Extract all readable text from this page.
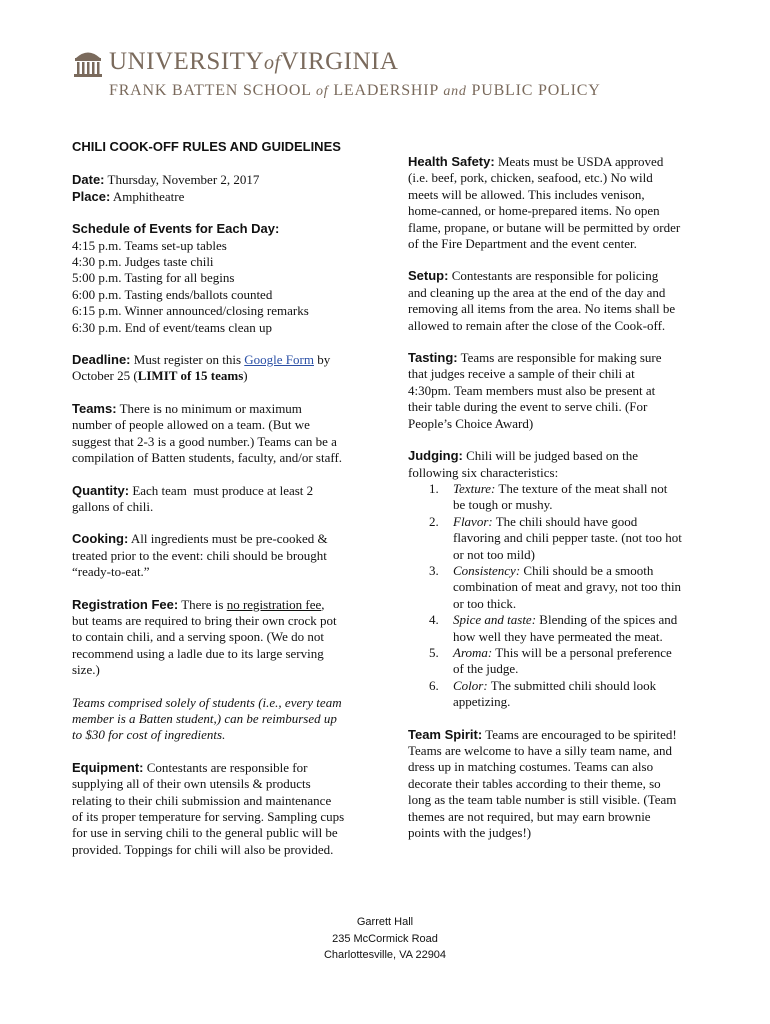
UNIVERSITYofVIRGINIA
FRANK BATTEN SCHOOL of LEADERSHIP and PUBLIC POLICY
CHILI COOK-OFF RULES AND GUIDELINES
Date: Thursday, November 2, 2017
Place: Amphitheatre
Schedule of Events for Each Day:
4:15 p.m. Teams set-up tables
4:30 p.m. Judges taste chili
5:00 p.m. Tasting for all begins
6:00 p.m. Tasting ends/ballots counted
6:15 p.m. Winner announced/closing remarks
6:30 p.m. End of event/teams clean up
Deadline: Must register on this Google Form by
October 25 (LIMIT of 15 teams)
Teams: There is no minimum or maximum
number of people allowed on a team. (But we
suggest that 2-3 is a good number.) Teams can be a
compilation of Batten students, faculty, and/or staff.
Quantity: Each team  must produce at least 2
gallons of chili.
Cooking: All ingredients must be pre-cooked &
treated prior to the event: chili should be brought
“ready-to-eat.”
Registration Fee: There is no registration fee,
but teams are required to bring their own crock pot
to contain chili, and a serving spoon. (We do not
recommend using a ladle due to its large serving
size.)
Teams comprised solely of students (i.e., every team
member is a Batten student,) can be reimbursed up
to $30 for cost of ingredients.
Equipment: Contestants are responsible for
supplying all of their own utensils & products
relating to their chili submission and maintenance
of its proper temperature for serving. Sampling cups
for use in serving chili to the general public will be
provided. Toppings for chili will also be provided.
Health Safety: Meats must be USDA approved
(i.e. beef, pork, chicken, seafood, etc.) No wild
meets will be allowed. This includes venison,
home-canned, or home-prepared items. No open
flame, propane, or butane will be permitted by order
of the Fire Department and the event center.
Setup: Contestants are responsible for policing
and cleaning up the area at the end of the day and
removing all items from the area. No items shall be
allowed to remain after the close of the Cook-off.
Tasting: Teams are responsible for making sure
that judges receive a sample of their chili at
4:30pm. Team members must also be present at
their table during the event to serve chili. (For
People’s Choice Award)
Judging: Chili will be judged based on the
following six characteristics:
1. Texture: The texture of the meat shall not
be tough or mushy.
2. Flavor: The chili should have good
flavoring and chili pepper taste. (not too hot
or not too mild)
3. Consistency: Chili should be a smooth
combination of meat and gravy, not too thin
or too thick.
4. Spice and taste: Blending of the spices and
how well they have permeated the meat.
5. Aroma: This will be a personal preference
of the judge.
6. Color: The submitted chili should look
appetizing.
Team Spirit: Teams are encouraged to be spirited!
Teams are welcome to have a silly team name, and
dress up in matching costumes. Teams can also
decorate their tables according to their theme, so
long as the team table number is still visible. (Team
themes are not required, but may earn brownie
points with the judges!)
Garrett Hall
235 McCormick Road
Charlottesville, VA 22904
